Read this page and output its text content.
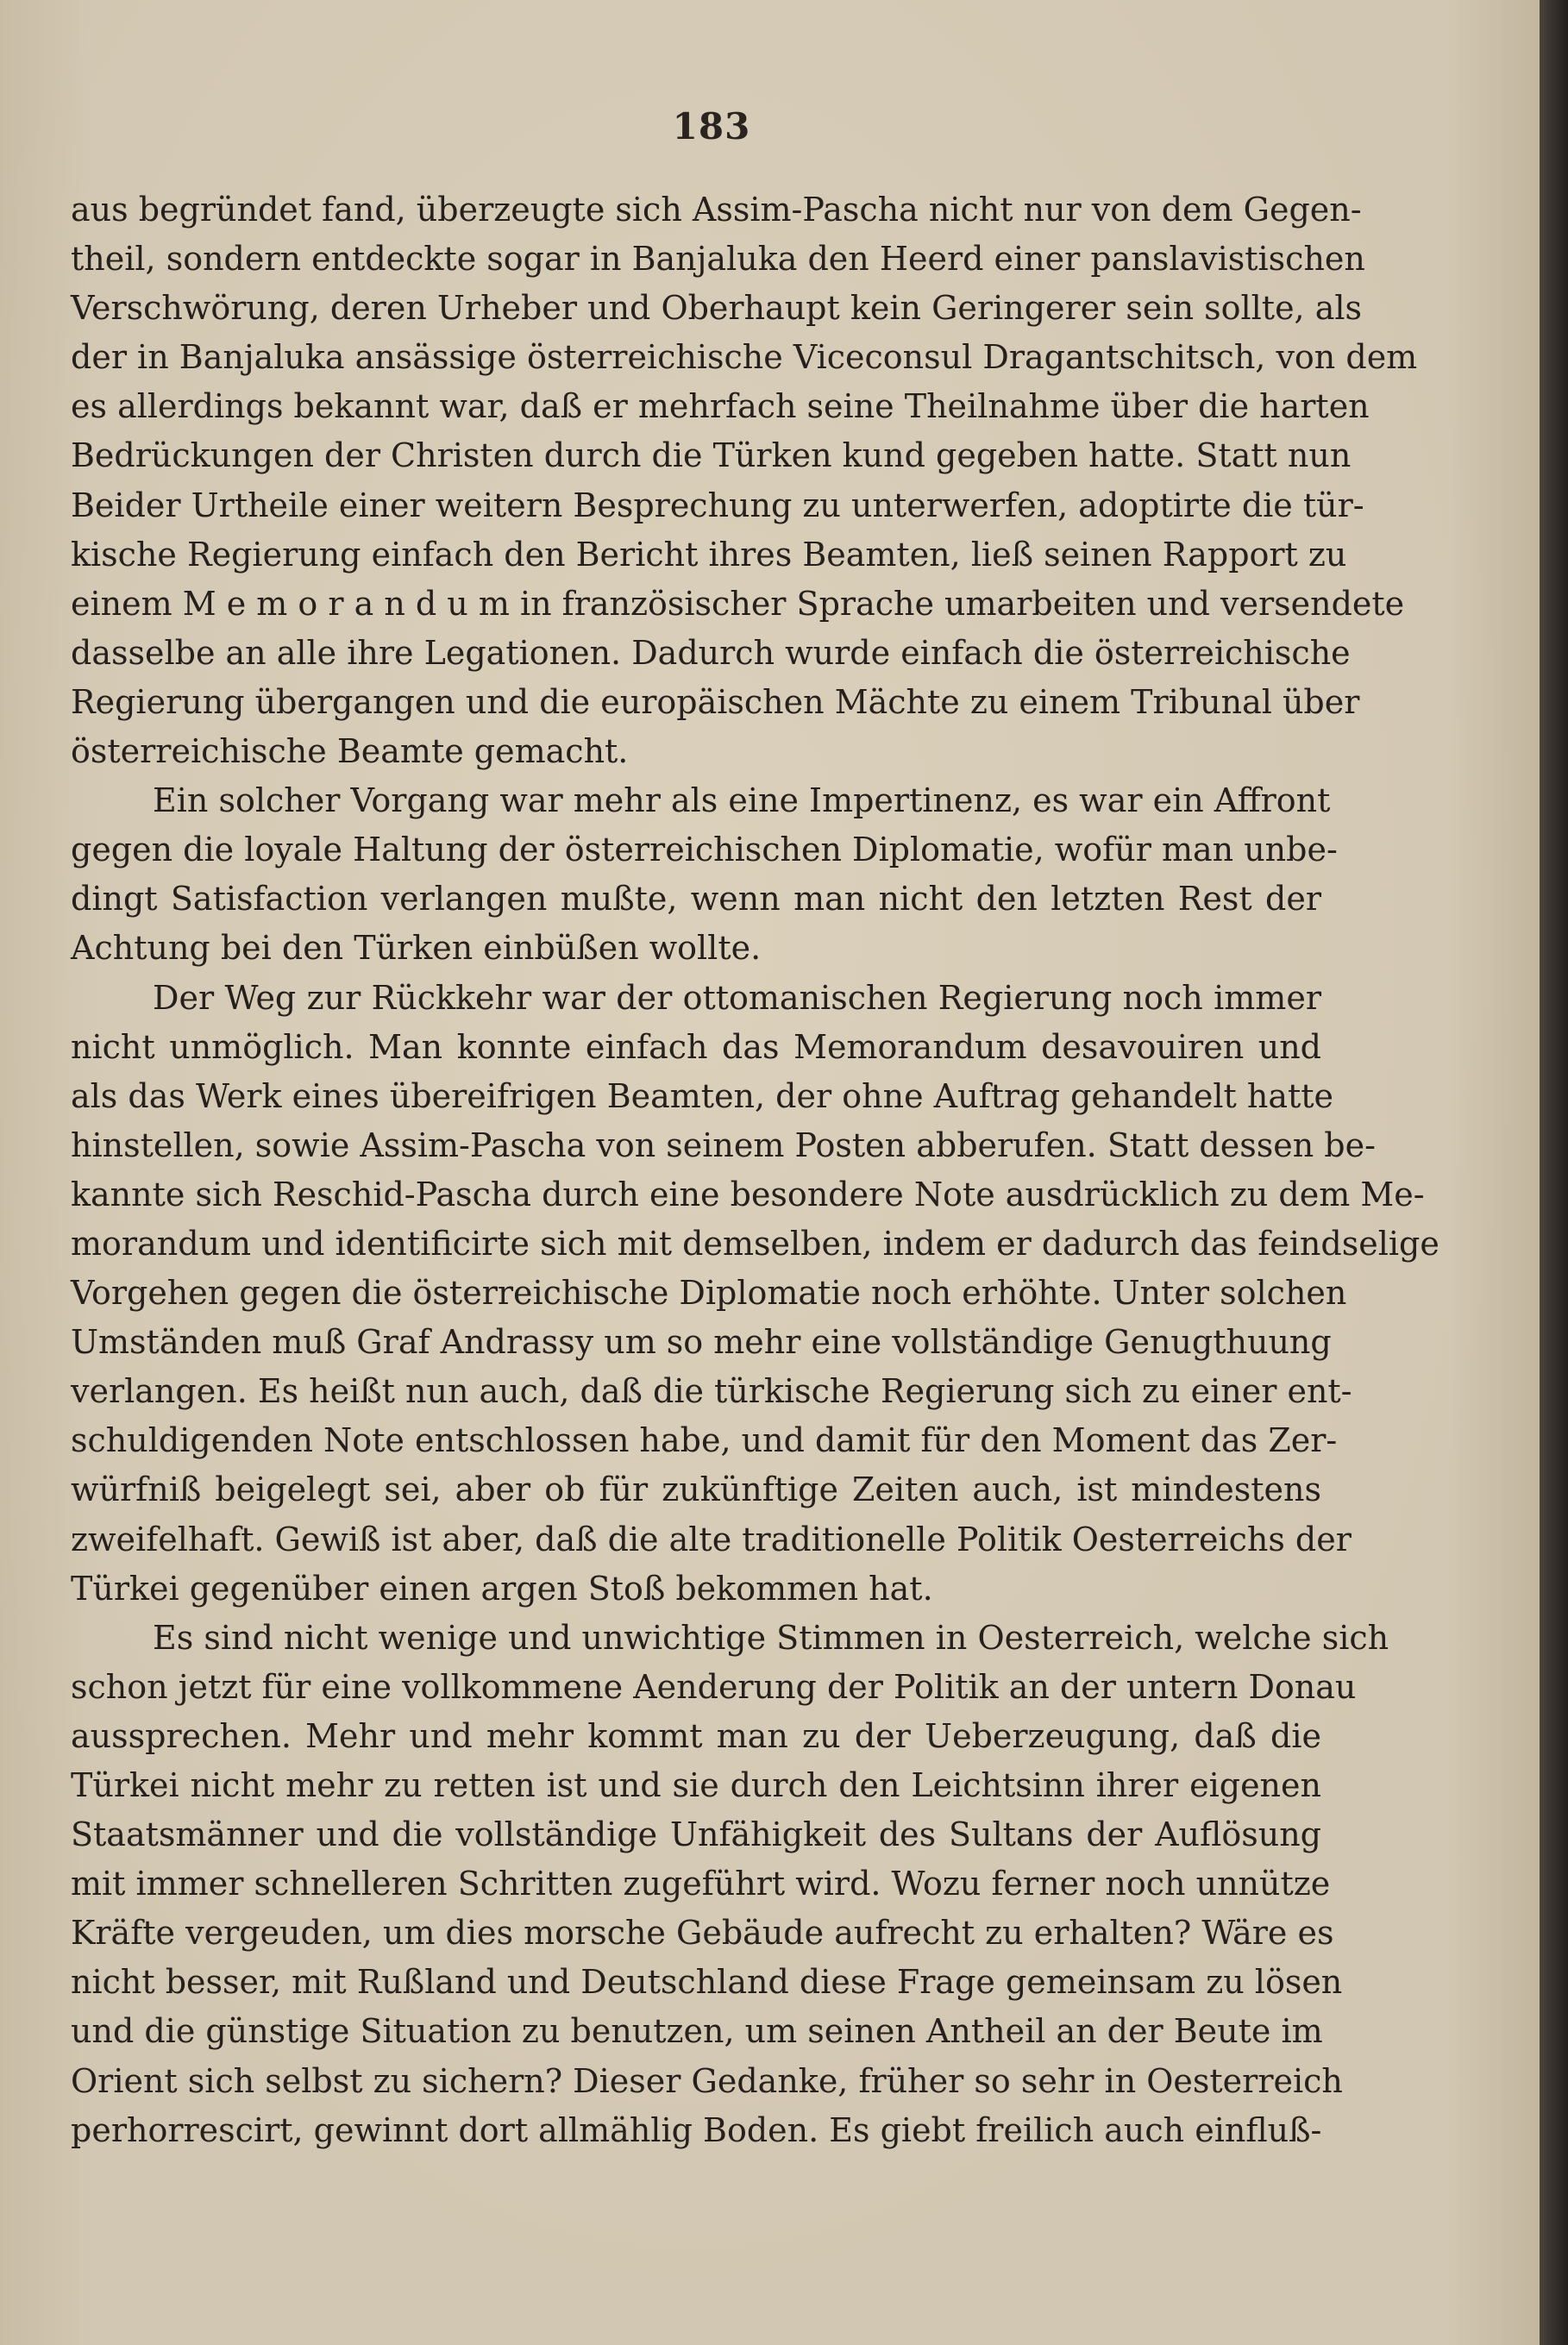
183
aus begründet fand, überzeugte sich Assim-Pascha nicht nur von dem Gegen-
theil, sondern entdeckte sogar in Banjaluka den Heerd einer panslavistischen
Verschwörung, deren Urheber und Oberhaupt kein Geringerer sein sollte, als
der in Banjaluka ansässige österreichische Viceconsul Dragantschitsch, von dem
es allerdings bekannt war, daß er mehrfach seine Theilnahme über die harten
Bedrückungen der Christen durch die Türken kund gegeben hatte. Statt nun
Beider Urtheile einer weitern Besprechung zu unterwerfen, adoptirte die tür-
kische Regierung einfach den Bericht ihres Beamten, ließ seinen Rapport zu
einem M e m o r a n d u m in französischer Sprache umarbeiten und versendete
dasselbe an alle ihre Legationen. Dadurch wurde einfach die österreichische
Regierung übergangen und die europäischen Mächte zu einem Tribunal über
österreichische Beamte gemacht.
Ein solcher Vorgang war mehr als eine Impertinenz, es war ein Affront
gegen die loyale Haltung der österreichischen Diplomatie, wofür man unbe-
dingt Satisfaction verlangen mußte, wenn man nicht den letzten Rest der
Achtung bei den Türken einbüßen wollte.
Der Weg zur Rückkehr war der ottomanischen Regierung noch immer
nicht unmöglich. Man konnte einfach das Memorandum desavouiren und
als das Werk eines übereifrigen Beamten, der ohne Auftrag gehandelt hatte
hinstellen, sowie Assim-Pascha von seinem Posten abberufen. Statt dessen be-
kannte sich Reschid-Pascha durch eine besondere Note ausdrücklich zu dem Me-
morandum und identificirte sich mit demselben, indem er dadurch das feindselige
Vorgehen gegen die österreichische Diplomatie noch erhöhte. Unter solchen
Umständen muß Graf Andrassy um so mehr eine vollständige Genugthuung
verlangen. Es heißt nun auch, daß die türkische Regierung sich zu einer ent-
schuldigenden Note entschlossen habe, und damit für den Moment das Zer-
würfniß beigelegt sei, aber ob für zukünftige Zeiten auch, ist mindestens
zweifelhaft. Gewiß ist aber, daß die alte traditionelle Politik Oesterreichs der
Türkei gegenüber einen argen Stoß bekommen hat.
Es sind nicht wenige und unwichtige Stimmen in Oesterreich, welche sich
schon jetzt für eine vollkommene Aenderung der Politik an der untern Donau
aussprechen. Mehr und mehr kommt man zu der Ueberzeugung, daß die
Türkei nicht mehr zu retten ist und sie durch den Leichtsinn ihrer eigenen
Staatsmänner und die vollständige Unfähigkeit des Sultans der Auflösung
mit immer schnelleren Schritten zugeführt wird. Wozu ferner noch unnütze
Kräfte vergeuden, um dies morsche Gebäude aufrecht zu erhalten? Wäre es
nicht besser, mit Rußland und Deutschland diese Frage gemeinsam zu lösen
und die günstige Situation zu benutzen, um seinen Antheil an der Beute im
Orient sich selbst zu sichern? Dieser Gedanke, früher so sehr in Oesterreich
perhorrescirt, gewinnt dort allmählig Boden. Es giebt freilich auch einfluß-
